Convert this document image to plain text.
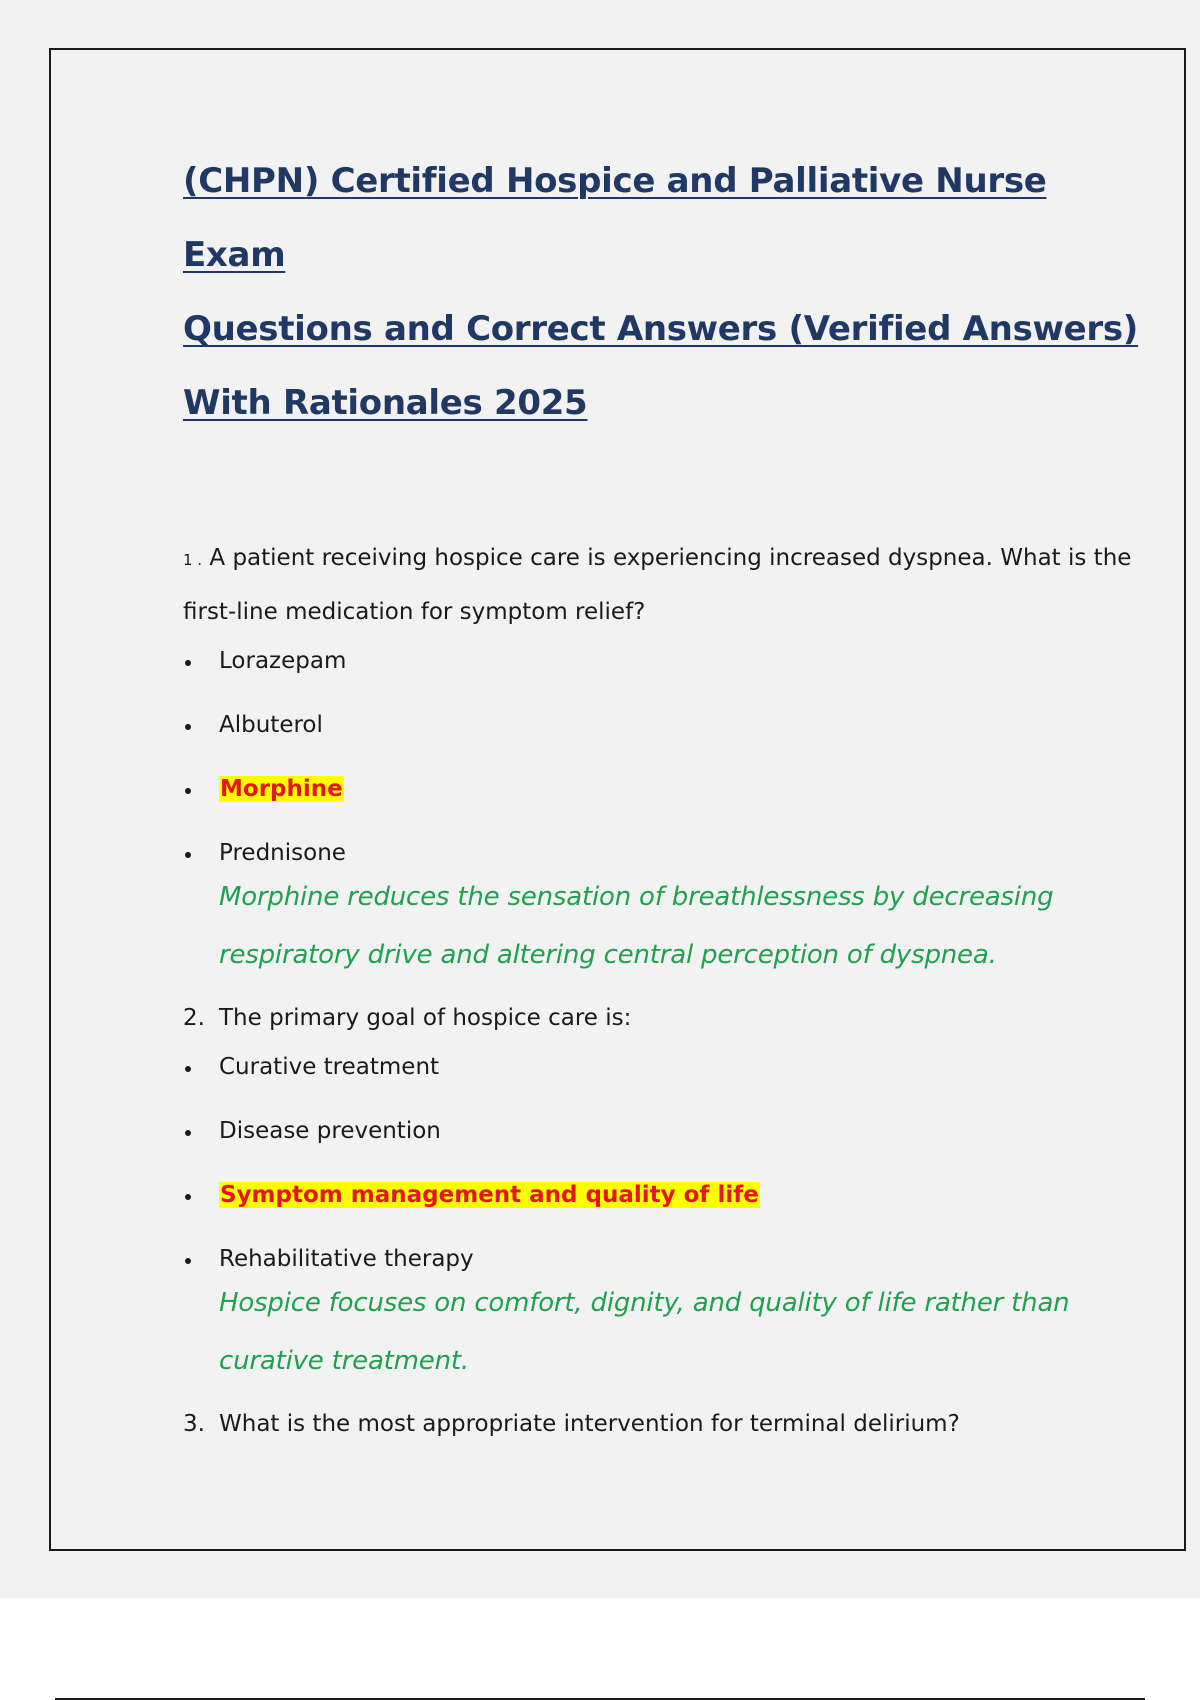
(CHPN) Certified Hospice and Palliative Nurse Exam
Questions and Correct Answers (Verified Answers)
With Rationales 2025

1 . A patient receiving hospice care is experiencing increased dyspnea. What is the first-line medication for symptom relief?

Lorazepam
Albuterol
Morphine
Prednisone

Morphine reduces the sensation of breathlessness by decreasing respiratory drive and altering central perception of dyspnea.

2. The primary goal of hospice care is:

Curative treatment
Disease prevention
Symptom management and quality of life
Rehabilitative therapy

Hospice focuses on comfort, dignity, and quality of life rather than curative treatment.

3. What is the most appropriate intervention for terminal delirium?
